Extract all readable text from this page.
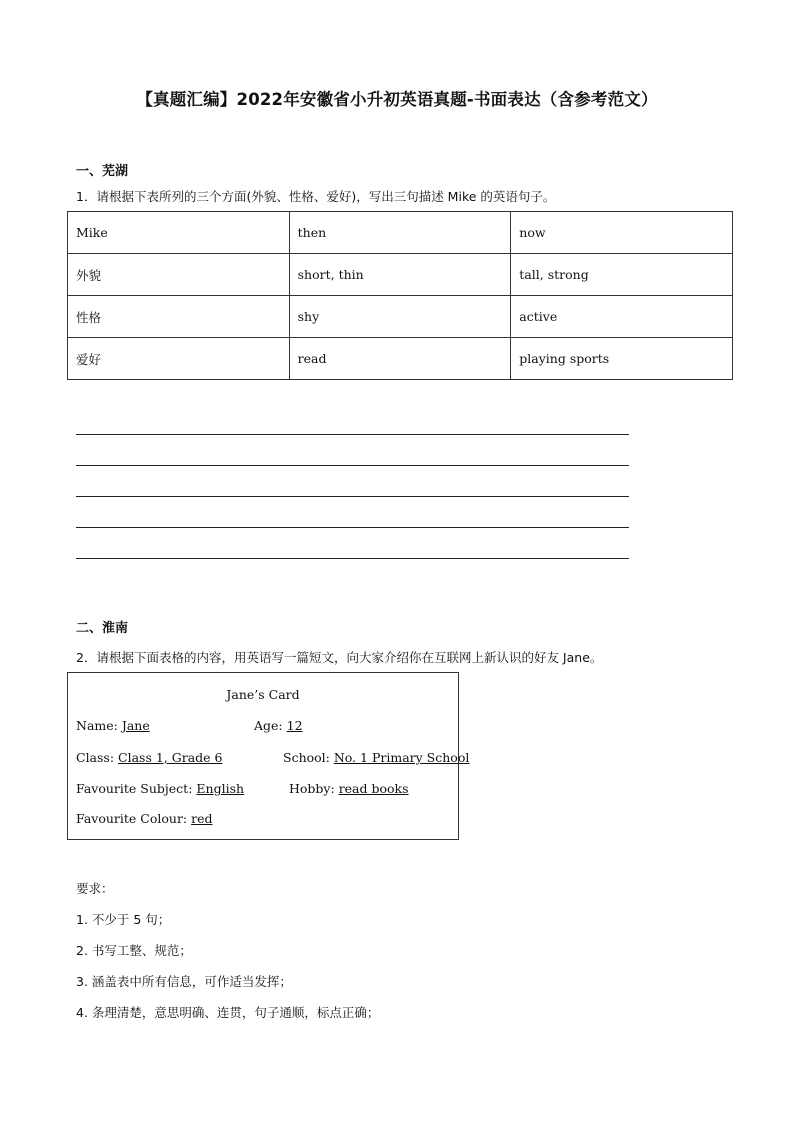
【真题汇编】2022年安徽省小升初英语真题-书面表达（含参考范文）
一、芜湖
1．请根据下表所列的三个方面(外貌、性格、爱好)，写出三句描述 Mike 的英语句子。
Mike	then	now
外貌	short, thin	tall, strong
性格	shy	active
爱好	read	playing sports
二、淮南
2．请根据下面表格的内容，用英语写一篇短文，向大家介绍你在互联网上新认识的好友 Jane。
Jane’s Card
Name: Jane	Age: 12
Class: Class 1, Grade 6	School: No. 1 Primary School
Favourite Subject: English	Hobby: read books
Favourite Colour: red
要求：
1. 不少于 5 句；
2. 书写工整、规范；
3. 涵盖表中所有信息，可作适当发挥；
4. 条理清楚，意思明确、连贯，句子通顺，标点正确；
